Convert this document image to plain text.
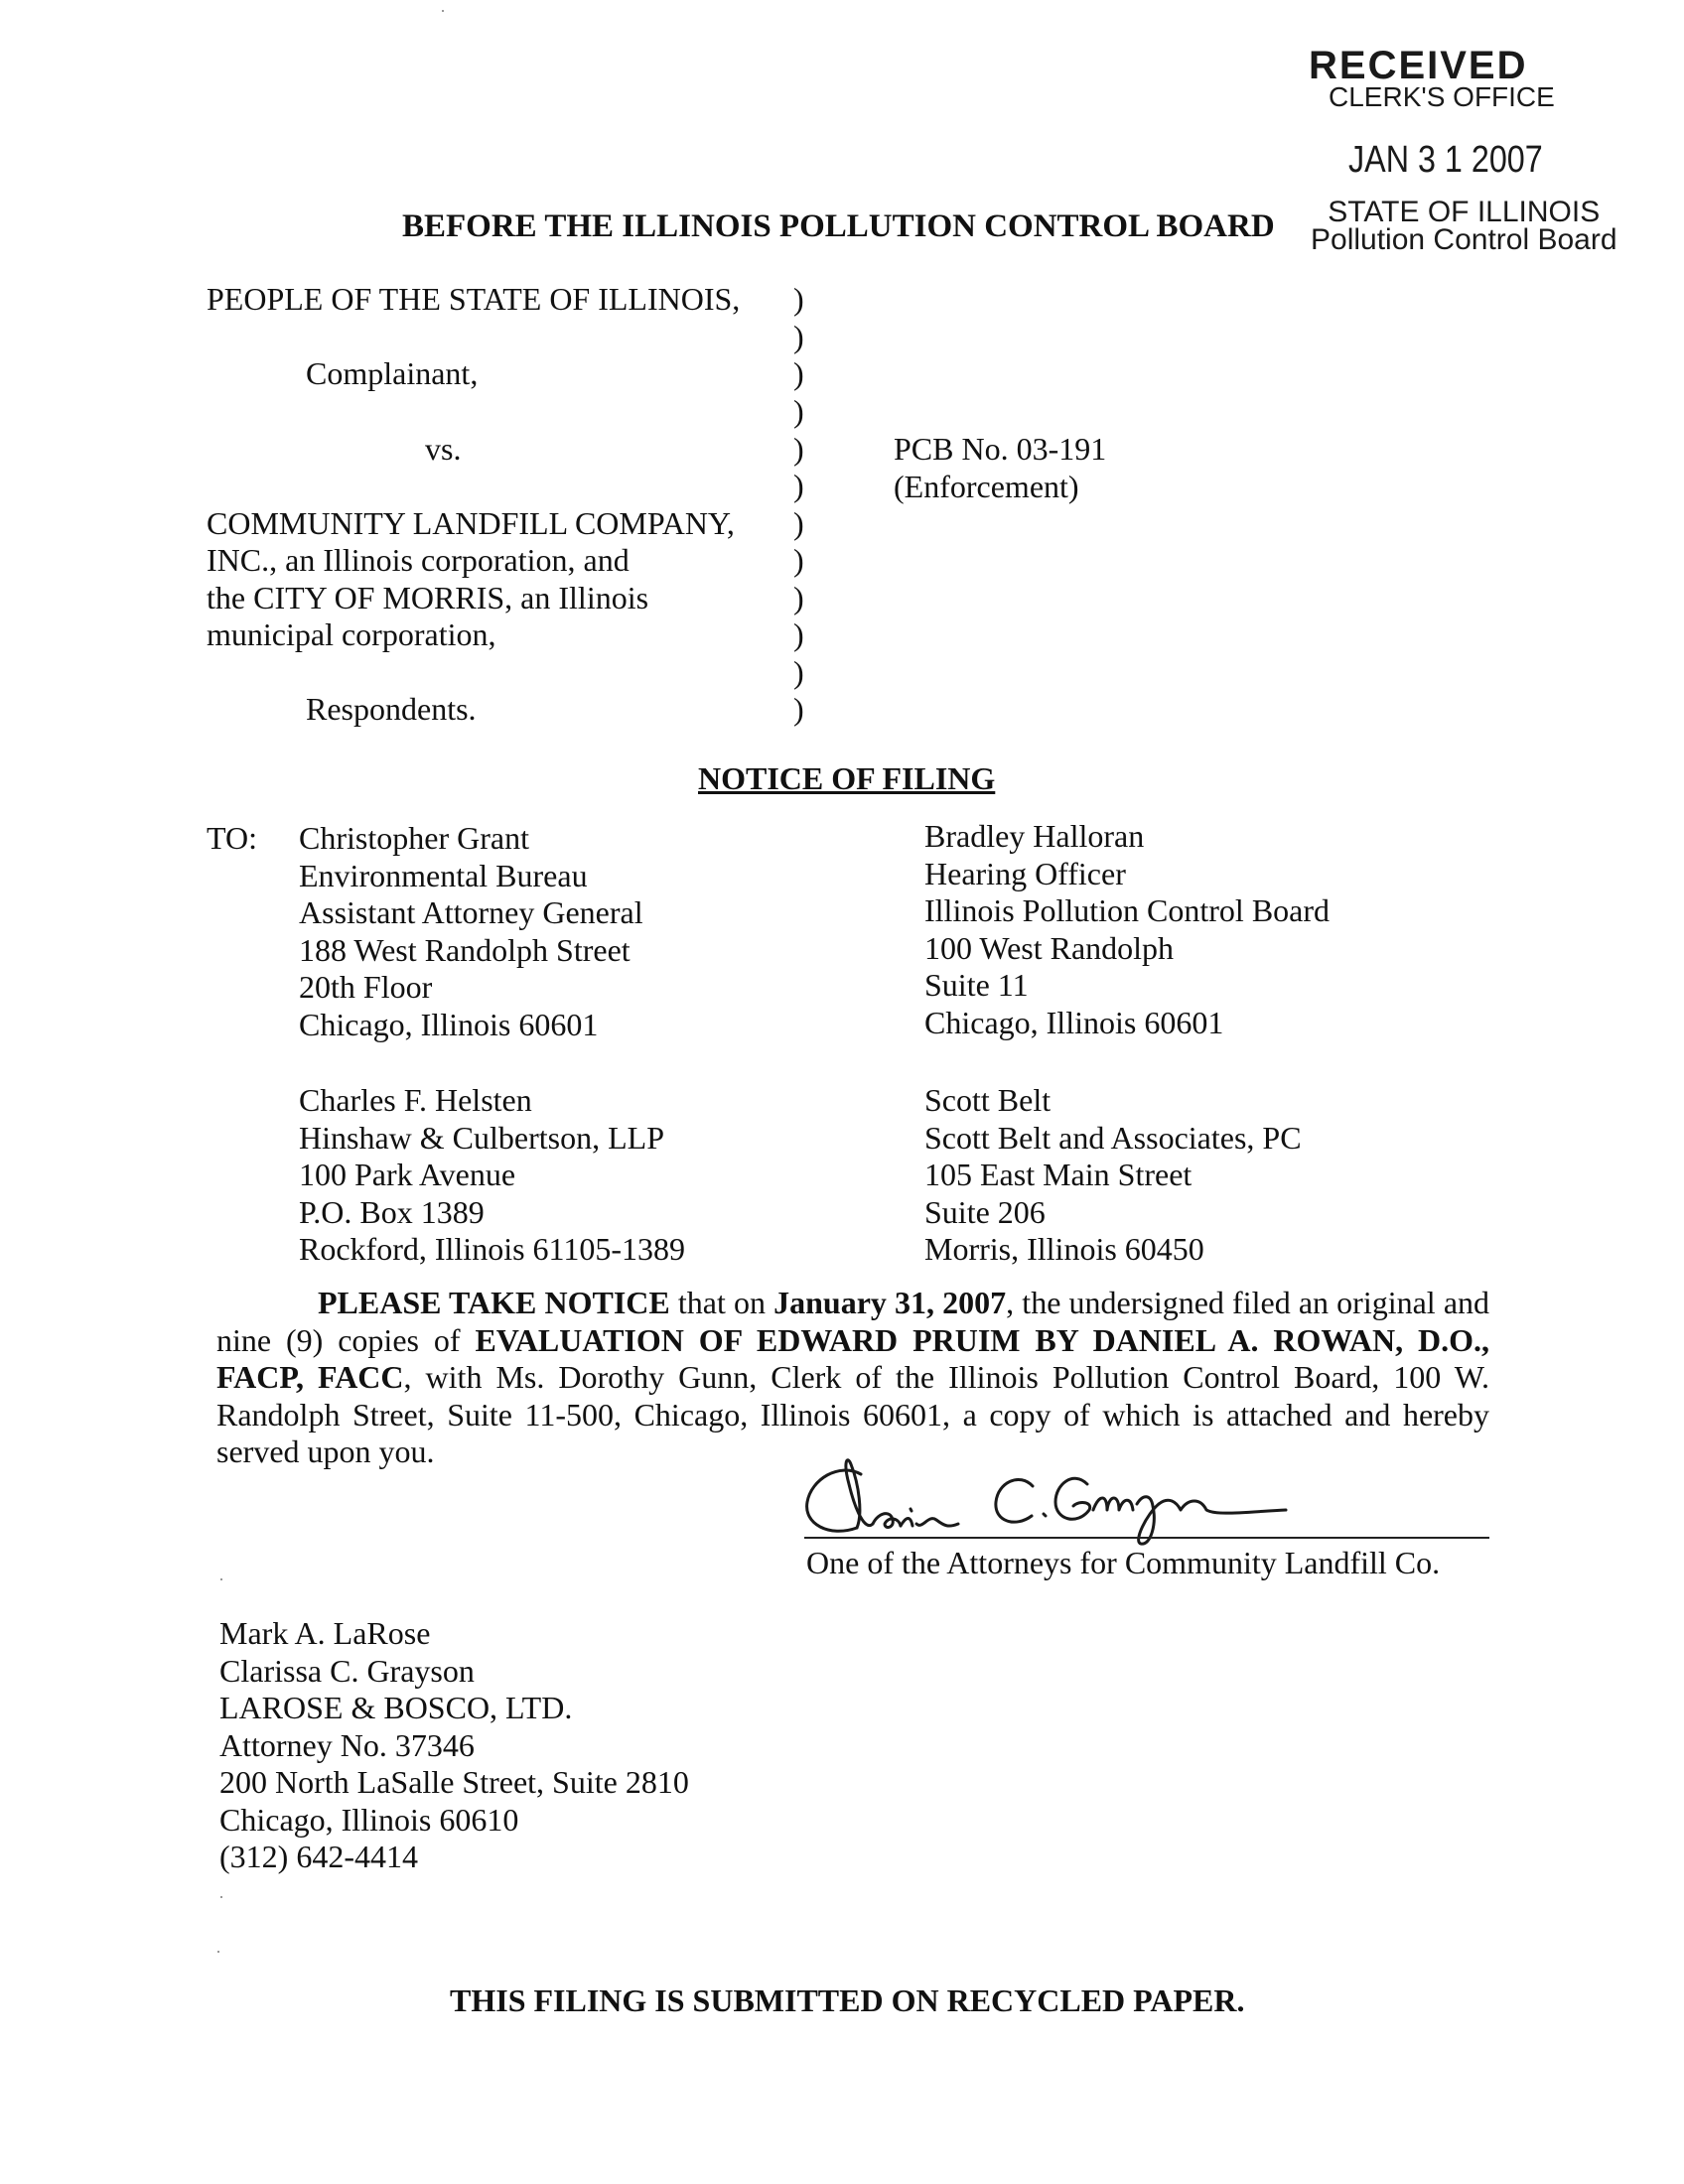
RECEIVED
CLERK'S OFFICE
JAN 3 1 2007
STATE OF ILLINOIS
Pollution Control Board
BEFORE THE ILLINOIS POLLUTION CONTROL BOARD
PEOPLE OF THE STATE OF ILLINOIS,
Complainant,
vs.
COMMUNITY LANDFILL COMPANY,
INC., an Illinois corporation, and
the CITY OF MORRIS, an Illinois
municipal corporation,
Respondents.
)
)
)
)
)
)
)
)
)
)
)
)
PCB No. 03-191
(Enforcement)
NOTICE OF FILING
TO: Christopher Grant
Environmental Bureau
Assistant Attorney General
188 West Randolph Street
20th Floor
Chicago, Illinois 60601
Bradley Halloran
Hearing Officer
Illinois Pollution Control Board
100 West Randolph
Suite 11
Chicago, Illinois 60601
Charles F. Helsten
Hinshaw & Culbertson, LLP
100 Park Avenue
P.O. Box 1389
Rockford, Illinois 61105-1389
Scott Belt
Scott Belt and Associates, PC
105 East Main Street
Suite 206
Morris, Illinois 60450
PLEASE TAKE NOTICE that on January 31, 2007, the undersigned filed an original and nine (9) copies of EVALUATION OF EDWARD PRUIM BY DANIEL A. ROWAN, D.O., FACP, FACC, with Ms. Dorothy Gunn, Clerk of the Illinois Pollution Control Board, 100 W. Randolph Street, Suite 11-500, Chicago, Illinois 60601, a copy of which is attached and hereby served upon you.
One of the Attorneys for Community Landfill Co.
Mark A. LaRose
Clarissa C. Grayson
LAROSE & BOSCO, LTD.
Attorney No. 37346
200 North LaSalle Street, Suite 2810
Chicago, Illinois 60610
(312) 642-4414
THIS FILING IS SUBMITTED ON RECYCLED PAPER.
